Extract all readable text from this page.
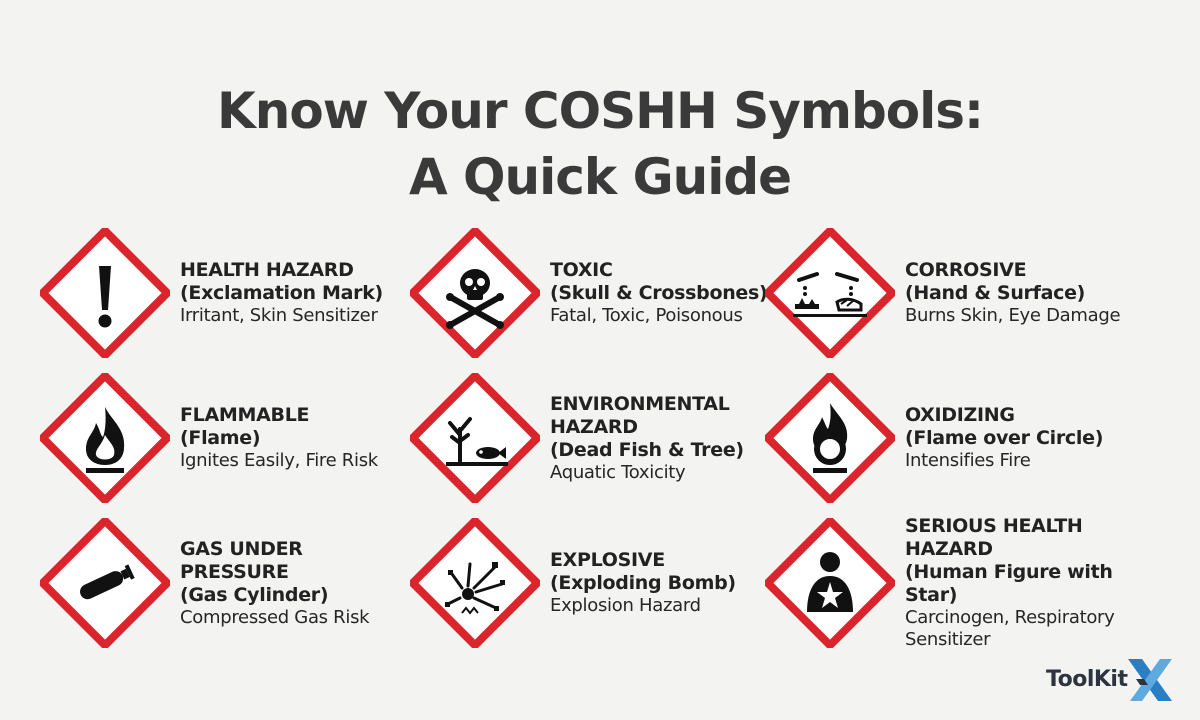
Know Your COSHH Symbols:
A Quick Guide
HEALTH HAZARD
(Exclamation Mark)
Irritant, Skin Sensitizer
TOXIC
(Skull & Crossbones)
Fatal, Toxic, Poisonous
CORROSIVE
(Hand & Surface)
Burns Skin, Eye Damage
FLAMMABLE
(Flame)
Ignites Easily, Fire Risk
ENVIRONMENTAL HAZARD
(Dead Fish & Tree)
Aquatic Toxicity
OXIDIZING
(Flame over Circle)
Intensifies Fire
GAS UNDER PRESSURE
(Gas Cylinder)
Compressed Gas Risk
EXPLOSIVE
(Exploding Bomb)
Explosion Hazard
SERIOUS HEALTH HAZARD
(Human Figure with Star)
Carcinogen, Respiratory Sensitizer
ToolKit
